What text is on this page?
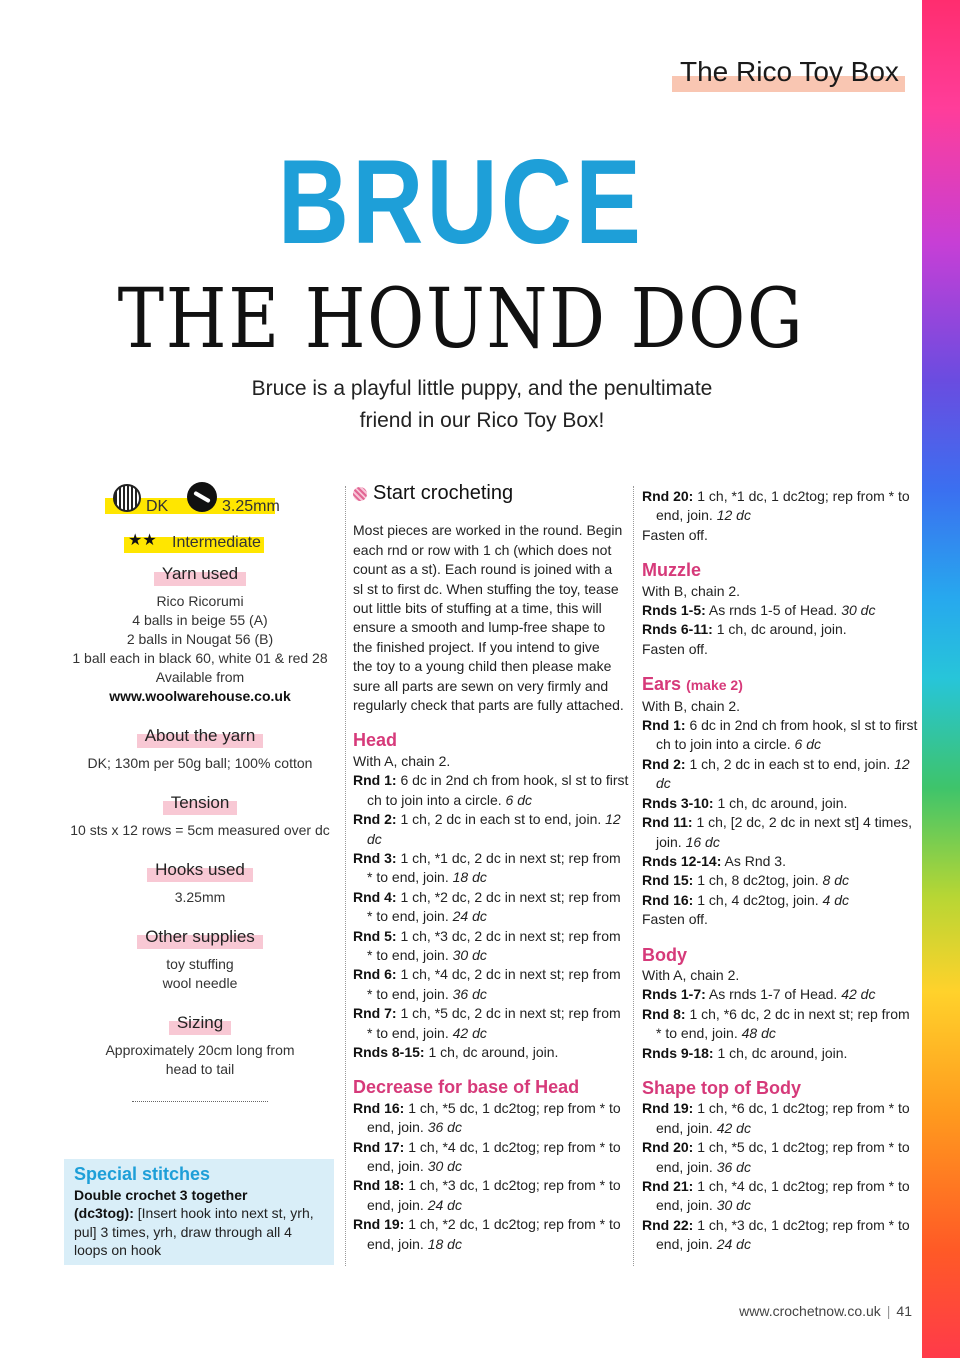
The Rico Toy Box
BRUCE
THE HOUND DOG
Bruce is a playful little puppy, and the penultimate
friend in our Rico Toy Box!
DK	3.25mm
★★ Intermediate
Yarn used
Rico Ricorumi
4 balls in beige 55 (A)
2 balls in Nougat 56 (B)
1 ball each in black 60, white 01 & red 28
Available from
www.woolwarehouse.co.uk
About the yarn
DK; 130m per 50g ball; 100% cotton
Tension
10 sts x 12 rows = 5cm measured over dc
Hooks used
3.25mm
Other supplies
toy stuffing
wool needle
Sizing
Approximately 20cm long from
head to tail
Special stitches
Double crochet 3 together
(dc3tog): [Insert hook into next st, yrh, pul] 3 times, yrh, draw through all 4 loops on hook
Start crocheting
Most pieces are worked in the round. Begin
each rnd or row with 1 ch (which does not
count as a st). Each round is joined with a
sl st to first dc. When stuffing the toy, tease
out little bits of stuffing at a time, this will
ensure a smooth and lump-free shape to
the finished project. If you intend to give
the toy to a young child then please make
sure all parts are sewn on very firmly and
regularly check that parts are fully attached.
Head

With A, chain 2.

Rnd 1: 6 dc in 2nd ch from hook, sl st to first ch to join into a circle. 6 dc

Rnd 2: 1 ch, 2 dc in each st to end, join. 12 dc

Rnd 3: 1 ch, *1 dc, 2 dc in next st; rep from * to end, join. 18 dc

Rnd 4: 1 ch, *2 dc, 2 dc in next st; rep from * to end, join. 24 dc

Rnd 5: 1 ch, *3 dc, 2 dc in next st; rep from * to end, join. 30 dc

Rnd 6: 1 ch, *4 dc, 2 dc in next st; rep from * to end, join. 36 dc

Rnd 7: 1 ch, *5 dc, 2 dc in next st; rep from * to end, join. 42 dc

Rnds 8-15: 1 ch, dc around, join.

Decrease for base of Head

Rnd 16: 1 ch, *5 dc, 1 dc2tog; rep from * to end, join. 36 dc

Rnd 17: 1 ch, *4 dc, 1 dc2tog; rep from * to end, join. 30 dc

Rnd 18: 1 ch, *3 dc, 1 dc2tog; rep from * to end, join. 24 dc

Rnd 19: 1 ch, *2 dc, 1 dc2tog; rep from * to end, join. 18 dc

Rnd 20: 1 ch, *1 dc, 1 dc2tog; rep from * to end, join. 12 dc

Fasten off.

Muzzle

With B, chain 2.

Rnds 1-5: As rnds 1-5 of Head. 30 dc

Rnds 6-11: 1 ch, dc around, join.

Fasten off.

Ears (make 2)

With B, chain 2.

Rnd 1: 6 dc in 2nd ch from hook, sl st to first ch to join into a circle. 6 dc

Rnd 2: 1 ch, 2 dc in each st to end, join. 12 dc

Rnds 3-10: 1 ch, dc around, join.

Rnd 11: 1 ch, [2 dc, 2 dc in next st] 4 times, join. 16 dc

Rnds 12-14: As Rnd 3.

Rnd 15: 1 ch, 8 dc2tog, join. 8 dc

Rnd 16: 1 ch, 4 dc2tog, join. 4 dc

Fasten off.

Body

With A, chain 2.

Rnds 1-7: As rnds 1-7 of Head. 42 dc

Rnd 8: 1 ch, *6 dc, 2 dc in next st; rep from * to end, join. 48 dc

Rnds 9-18: 1 ch, dc around, join.

Shape top of Body

Rnd 19: 1 ch, *6 dc, 1 dc2tog; rep from * to end, join. 42 dc

Rnd 20: 1 ch, *5 dc, 1 dc2tog; rep from * to end, join. 36 dc

Rnd 21: 1 ch, *4 dc, 1 dc2tog; rep from * to end, join. 30 dc

Rnd 22: 1 ch, *3 dc, 1 dc2tog; rep from * to end, join. 24 dc

www.crochetnow.co.uk | 41
